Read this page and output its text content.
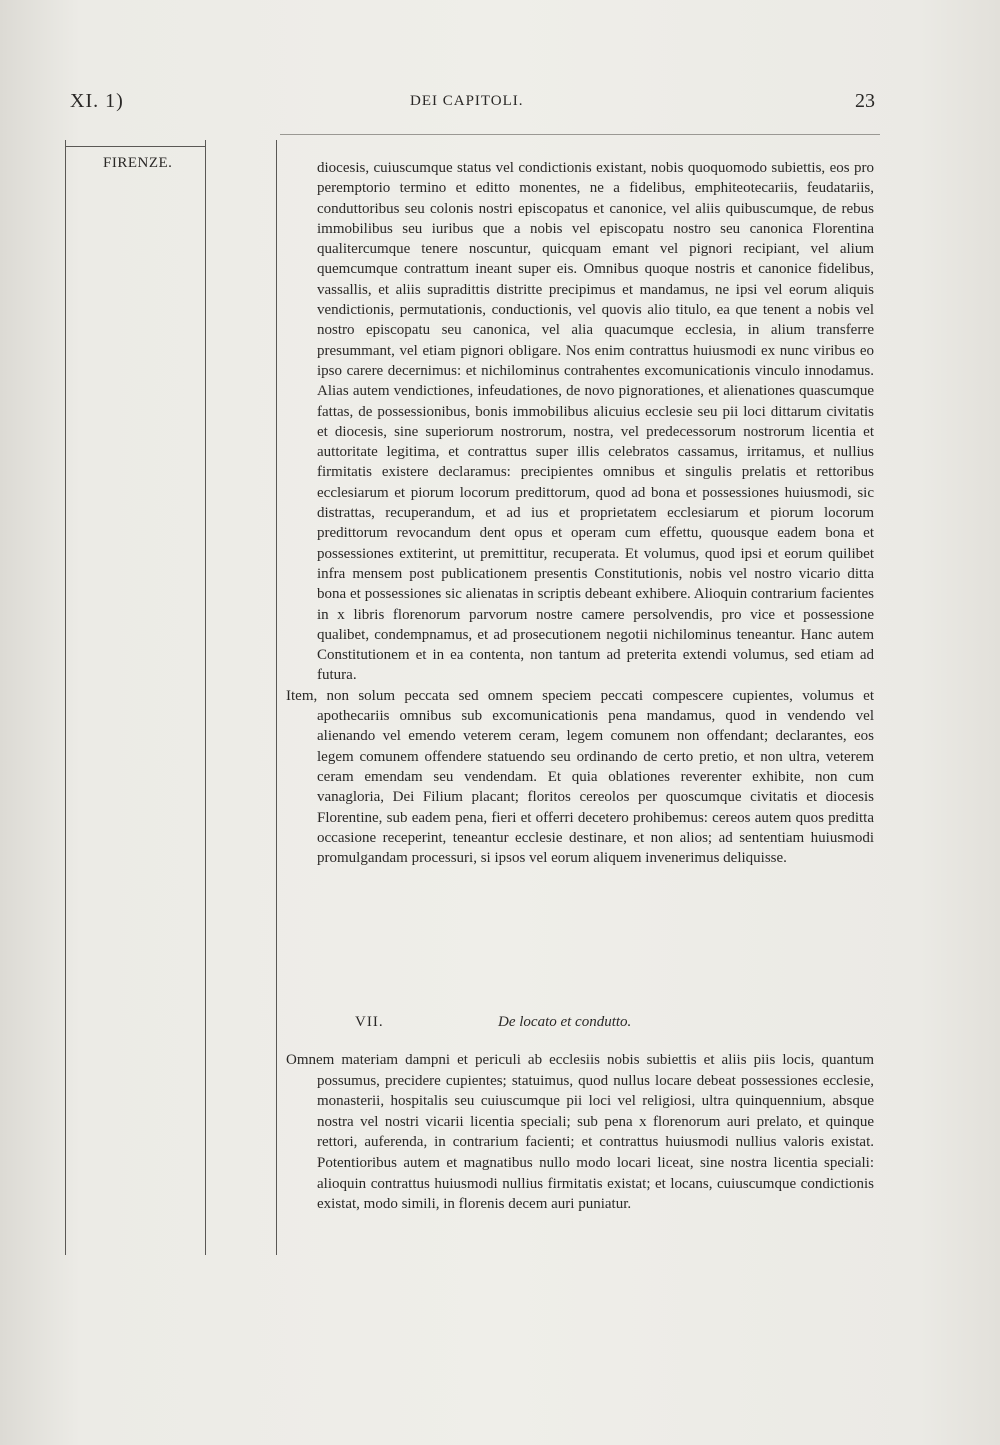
XI. 1)	DEI CAPITOLI.	23
FIRENZE.	diocesis, cuiuscumque status vel condictionis existant, nobis quoquomodo subiettis, eos pro peremptorio termino et editto monentes, ne a fidelibus, emphiteotecariis, feudatariis, conduttoribus seu colonis nostri episcopatus et canonice, vel aliis quibuscumque, de rebus immobilibus seu iuribus que a nobis vel episcopatu nostro seu canonica Florentina qualitercumque tenere noscuntur, quicquam emant vel pignori recipiant, vel alium quemcumque contrattum ineant super eis. Omnibus quoque nostris et canonice fidelibus, vassallis, et aliis supradittis distritte precipimus et mandamus, ne ipsi vel eorum aliquis vendictionis, permutationis, conductionis, vel quovis alio titulo, ea que tenent a nobis vel nostro episcopatu seu canonica, vel alia quacumque ecclesia, in alium transferre presummant, vel etiam pignori obligare. Nos enim contrattus huiusmodi ex nunc viribus eo ipso carere decernimus: et nichilominus contrahentes excomunicationis vinculo innodamus. Alias autem vendictiones, infeudationes, de novo pignorationes, et alienationes quascumque fattas, de possessionibus, bonis immobilibus alicuius ecclesie seu pii loci dittarum civitatis et diocesis, sine superiorum nostrorum, nostra, vel predecessorum nostrorum licentia et auttoritate legitima, et contrattus super illis celebratos cassamus, irritamus, et nullius firmitatis existere declaramus: precipientes omnibus et singulis prelatis et rettoribus ecclesiarum et piorum locorum predittorum, quod ad bona et possessiones huiusmodi, sic distrattas, recuperandum, et ad ius et proprietatem ecclesiarum et piorum locorum predittorum revocandum dent opus et operam cum effettu, quousque eadem bona et possessiones extiterint, ut premittitur, recuperata. Et volumus, quod ipsi et eorum quilibet infra mensem post publicationem presentis Constitutionis, nobis vel nostro vicario ditta bona et possessiones sic alienatas in scriptis debeant exhibere. Alioquin contrarium facientes in x libris florenorum parvorum nostre camere persolvendis, pro vice et possessione qualibet, condempnamus, et ad prosecutionem negotii nichilominus teneantur. Hanc autem Constitutionem et in ea contenta, non tantum ad preterita extendi volumus, sed etiam ad futura.

Item, non solum peccata sed omnem speciem peccati compescere cupientes, volumus et apothecariis omnibus sub excomunicationis pena mandamus, quod in vendendo vel alienando vel emendo veterem ceram, legem comunem non offendant; declarantes, eos legem comunem offendere statuendo seu ordinando de certo pretio, et non ultra, veterem ceram emendam seu vendendam. Et quia oblationes reverenter exhibite, non cum vanagloria, Dei Filium placant; floritos cereolos per quoscumque civitatis et diocesis Florentine, sub eadem pena, fieri et offerri decetero prohibemus: cereos autem quos preditta occasione receperint, teneantur ecclesie destinare, et non alios; ad sententiam huiusmodi promulgandam processuri, si ipsos vel eorum aliquem invenerimus deliquisse.

VII.	De locato et conduttο.

Omnem materiam dampni et periculi ab ecclesiis nobis subiettis et aliis piis locis, quantum possumus, precidere cupientes; statuimus, quod nullus locare debeat possessiones ecclesie, monasterii, hospitalis seu cuiuscumque pii loci vel religiosi, ultra quinquennium, absque nostra vel nostri vicarii licentia speciali; sub pena x florenorum auri prelato, et quinque rettori, auferenda, in contrarium facienti; et contrattus huiusmodi nullius valoris existat. Potentioribus autem et magnatibus nullo modo locari liceat, sine nostra licentia speciali: alioquin contrattus huiusmodi nullius firmitatis existat; et locans, cuiuscumque condictionis existat, modo simili, in florenis decem auri puniatur.
